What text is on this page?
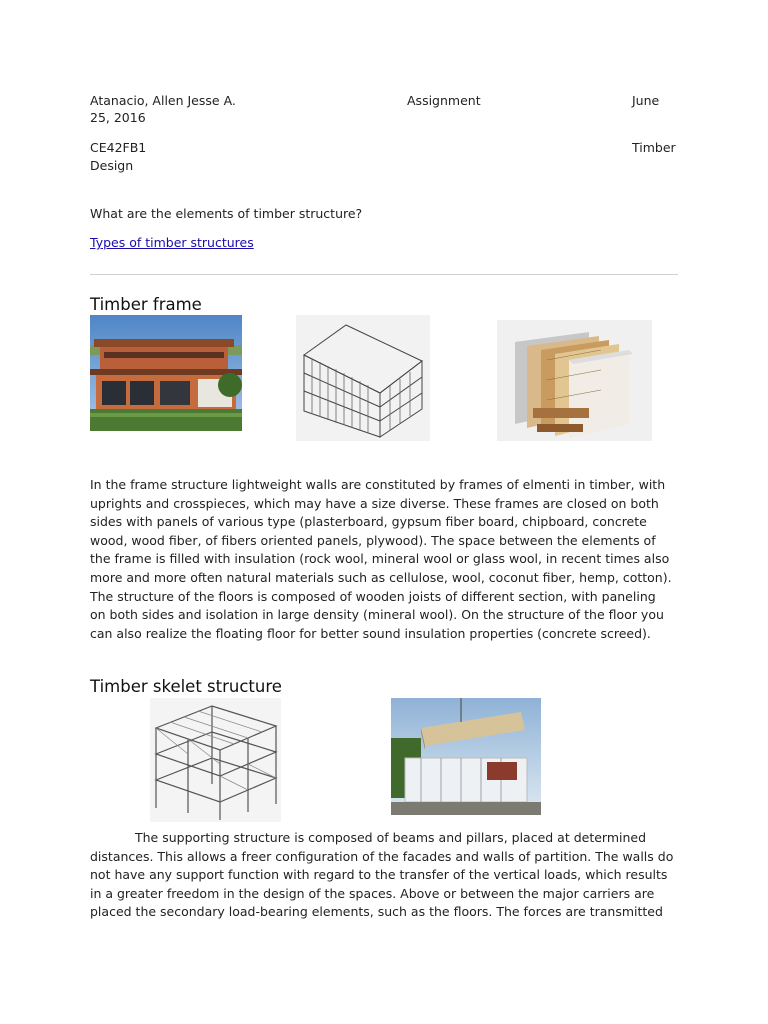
Atanacio, Allen Jesse A.	Assignment	June
25, 2016
CE42FB1	Timber
Design
What are the elements of timber structure?
Types of timber structures
Timber frame
In the frame structure lightweight walls are constituted by frames of elmenti in timber, with
uprights and crosspieces, which may have a size diverse. These frames are closed on both
sides with panels of various type (plasterboard, gypsum fiber board, chipboard, concrete
wood, wood fiber, of fibers oriented panels, plywood). The space between the elements of
the frame is filled with insulation (rock wool, mineral wool or glass wool, in recent times also
more and more often natural materials such as cellulose, wool, coconut fiber, hemp, cotton).
The structure of the floors is composed of wooden joists of different section, with paneling
on both sides and isolation in large density (mineral wool). On the structure of the floor you
can also realize the floating floor for better sound insulation properties (concrete screed).
Timber skelet structure
The supporting structure is composed of beams and pillars, placed at determined
distances. This allows a freer configuration of the facades and walls of partition. The walls do
not have any support function with regard to the transfer of the vertical loads, which results
in a greater freedom in the design of the spaces. Above or between the major carriers are
placed the secondary load-bearing elements, such as the floors. The forces are transmitted
